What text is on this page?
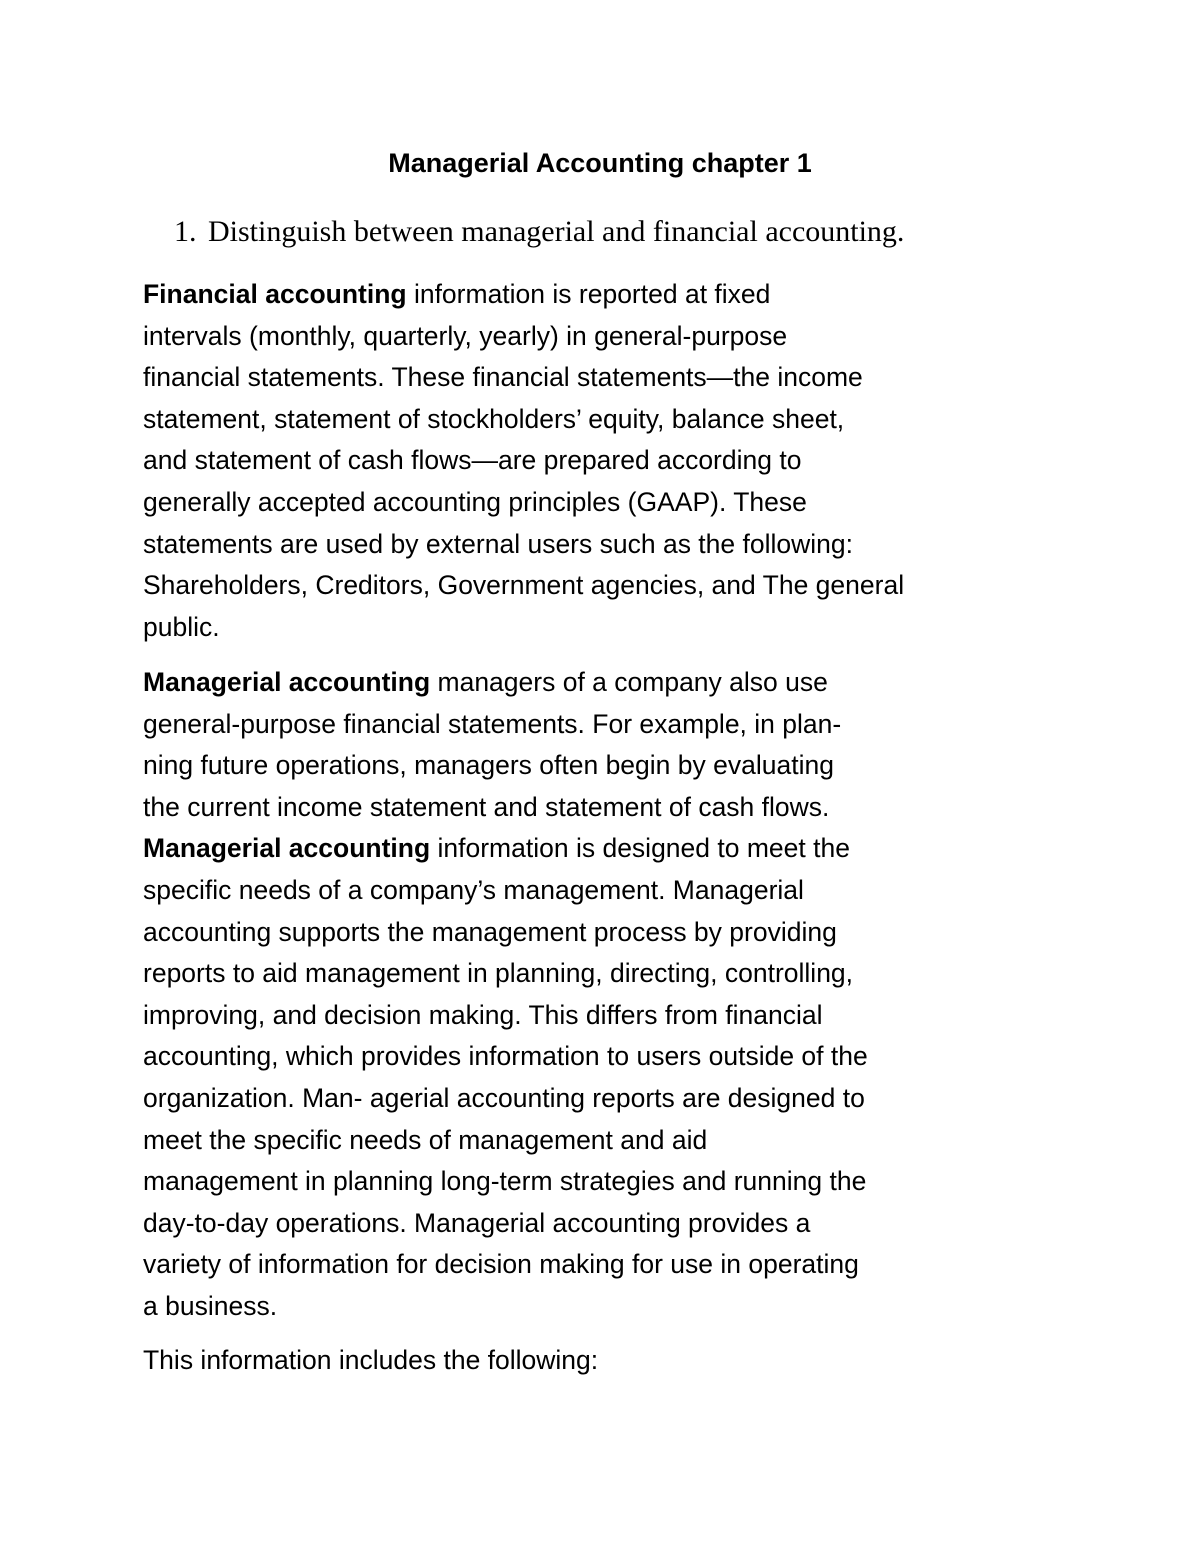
Managerial Accounting chapter 1

1. Distinguish between managerial and financial accounting.

Financial accounting information is reported at fixed
intervals (monthly, quarterly, yearly) in general-purpose
financial statements. These financial statements—the income
statement, statement of stockholders’ equity, balance sheet,
and statement of cash flows—are prepared according to
generally accepted accounting principles (GAAP). These
statements are used by external users such as the following:
Shareholders, Creditors, Government agencies, and The general
public.

Managerial accounting managers of a company also use
general-purpose financial statements. For example, in plan-
ning future operations, managers often begin by evaluating
the current income statement and statement of cash flows.
Managerial accounting information is designed to meet the
specific needs of a company’s management. Managerial
accounting supports the management process by providing
reports to aid management in planning, directing, controlling,
improving, and decision making. This differs from financial
accounting, which provides information to users outside of the
organization. Man- agerial accounting reports are designed to
meet the specific needs of management and aid
management in planning long-term strategies and running the
day-to-day operations. Managerial accounting provides a
variety of information for decision making for use in operating
a business.

This information includes the following:
